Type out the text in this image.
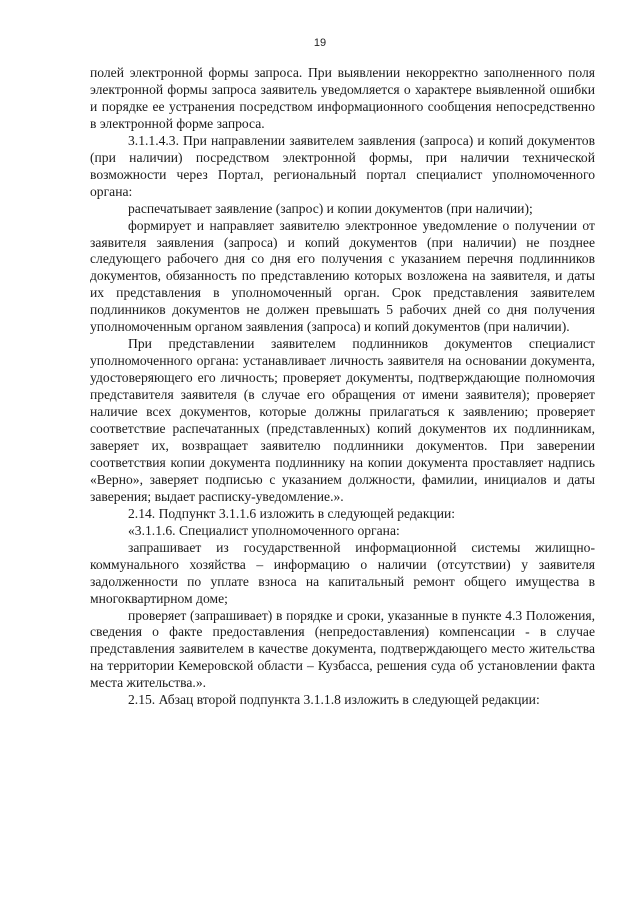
19

полей электронной формы запроса. При выявлении некорректно заполненного поля электронной формы запроса заявитель уведомляется о характере выявленной ошибки и порядке ее устранения посредством информационного сообщения непосредственно в электронной форме запроса.

3.1.1.4.3. При направлении заявителем заявления (запроса) и копий документов (при наличии) посредством электронной формы, при наличии технической возможности через Портал, региональный портал специалист уполномоченного органа:

распечатывает заявление (запрос) и копии документов (при наличии);

формирует и направляет заявителю электронное уведомление о получении от заявителя заявления (запроса) и копий документов (при наличии) не позднее следующего рабочего дня со дня его получения с указанием перечня подлинников документов, обязанность по представлению которых возложена на заявителя, и даты их представления в уполномоченный орган. Срок представления заявителем подлинников документов не должен превышать 5 рабочих дней со дня получения уполномоченным органом заявления (запроса) и копий документов (при наличии).

При представлении заявителем подлинников документов специалист уполномоченного органа: устанавливает личность заявителя на основании документа, удостоверяющего его личность; проверяет документы, подтверждающие полномочия представителя заявителя (в случае его обращения от имени заявителя); проверяет наличие всех документов, которые должны прилагаться к заявлению; проверяет соответствие распечатанных (представленных) копий документов их подлинникам, заверяет их, возвращает заявителю подлинники документов. При заверении соответствия копии документа подлиннику на копии документа проставляет надпись «Верно», заверяет подписью с указанием должности, фамилии, инициалов и даты заверения; выдает расписку-уведомление.».

2.14. Подпункт 3.1.1.6 изложить в следующей редакции:

«3.1.1.6. Специалист уполномоченного органа:

запрашивает из государственной информационной системы жилищно-коммунального хозяйства – информацию о наличии (отсутствии) у заявителя задолженности по уплате взноса на капитальный ремонт общего имущества в многоквартирном доме;

проверяет (запрашивает) в порядке и сроки, указанные в пункте 4.3 Положения, сведения о факте предоставления (непредоставления) компенсации - в случае представления заявителем в качестве документа, подтверждающего место жительства на территории Кемеровской области – Кузбасса, решения суда об установлении факта места жительства.».

2.15. Абзац второй подпункта 3.1.1.8 изложить в следующей редакции:
